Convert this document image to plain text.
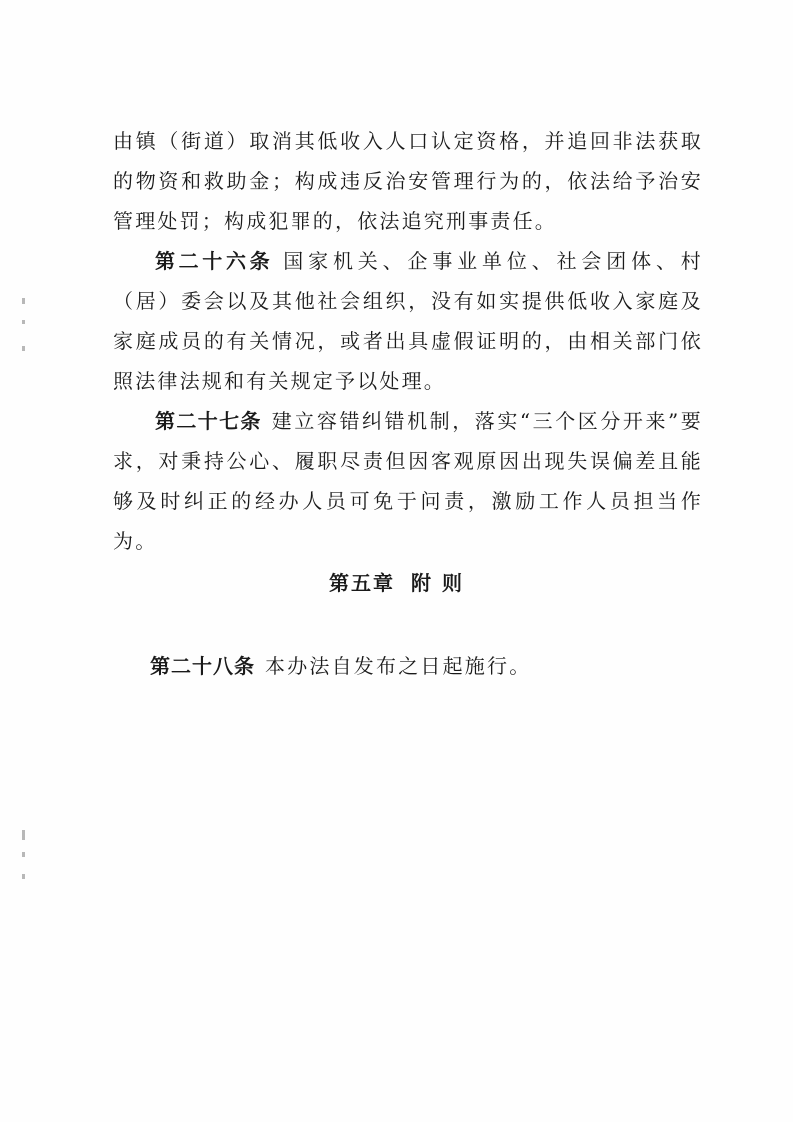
由镇（街道）取消其低收入人口认定资格，并追回非法获取的物资和救助金；构成违反治安管理行为的，依法给予治安管理处罚；构成犯罪的，依法追究刑事责任。

第二十六条 国家机关、企事业单位、社会团体、村（居）委会以及其他社会组织，没有如实提供低收入家庭及家庭成员的有关情况，或者出具虚假证明的，由相关部门依照法律法规和有关规定予以处理。

第二十七条 建立容错纠错机制，落实“三个区分开来”要求，对秉持公心、履职尽责但因客观原因出现失误偏差且能够及时纠正的经办人员可免于问责，激励工作人员担当作为。

第五章 附 则
第二十八条 本办法自发布之日起施行。
